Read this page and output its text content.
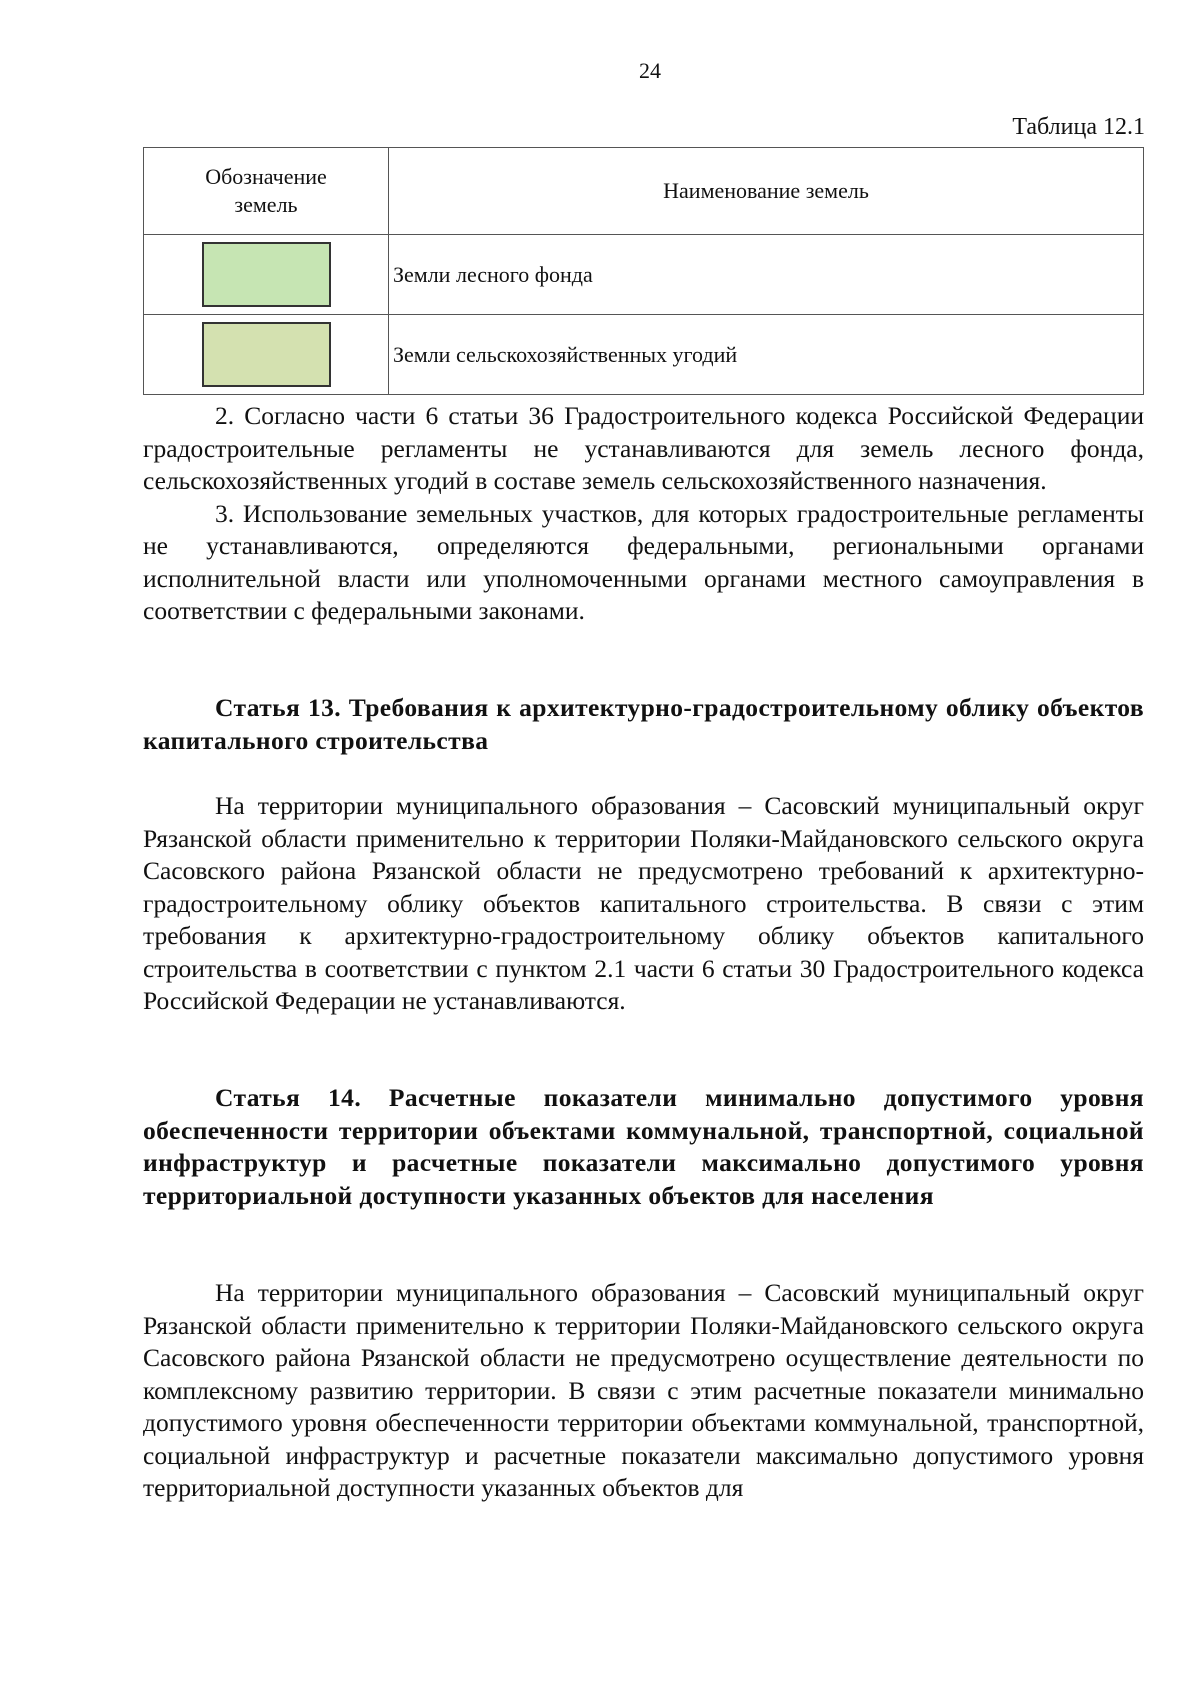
24
Таблица 12.1
Обозначение земель	Наименование земель
	Земли лесного фонда
	Земли сельскохозяйственных угодий

2. Согласно части 6 статьи 36 Градостроительного кодекса Российской Федерации градостроительные регламенты не устанавливаются для земель лесного фонда, сельскохозяйственных угодий в составе земель сельскохозяйственного назначения.

3. Использование земельных участков, для которых градостроительные регламенты не устанавливаются, определяются федеральными, региональными органами исполнительной власти или уполномоченными органами местного самоуправления в соответствии с федеральными законами.

Статья 13. Требования к архитектурно-градостроительному облику объектов капитального строительства

На территории муниципального образования – Сасовский муниципальный округ Рязанской области применительно к территории Поляки-Майдановского сельского округа Сасовского района Рязанской области не предусмотрено требований к архитектурно-градостроительному облику объектов капитального строительства. В связи с этим требования к архитектурно-градостроительному облику объектов капитального строительства в соответствии с пунктом 2.1 части 6 статьи 30 Градостроительного кодекса Российской Федерации не устанавливаются.

Статья 14. Расчетные показатели минимально допустимого уровня обеспеченности территории объектами коммунальной, транспортной, социальной инфраструктур и расчетные показатели максимально допустимого уровня территориальной доступности указанных объектов для населения

На территории муниципального образования – Сасовский муниципальный округ Рязанской области применительно к территории Поляки-Майдановского сельского округа Сасовского района Рязанской области не предусмотрено осуществление деятельности по комплексному развитию территории. В связи с этим расчетные показатели минимально допустимого уровня обеспеченности территории объектами коммунальной, транспортной, социальной инфраструктур и расчетные показатели максимально допустимого уровня территориальной доступности указанных объектов для
